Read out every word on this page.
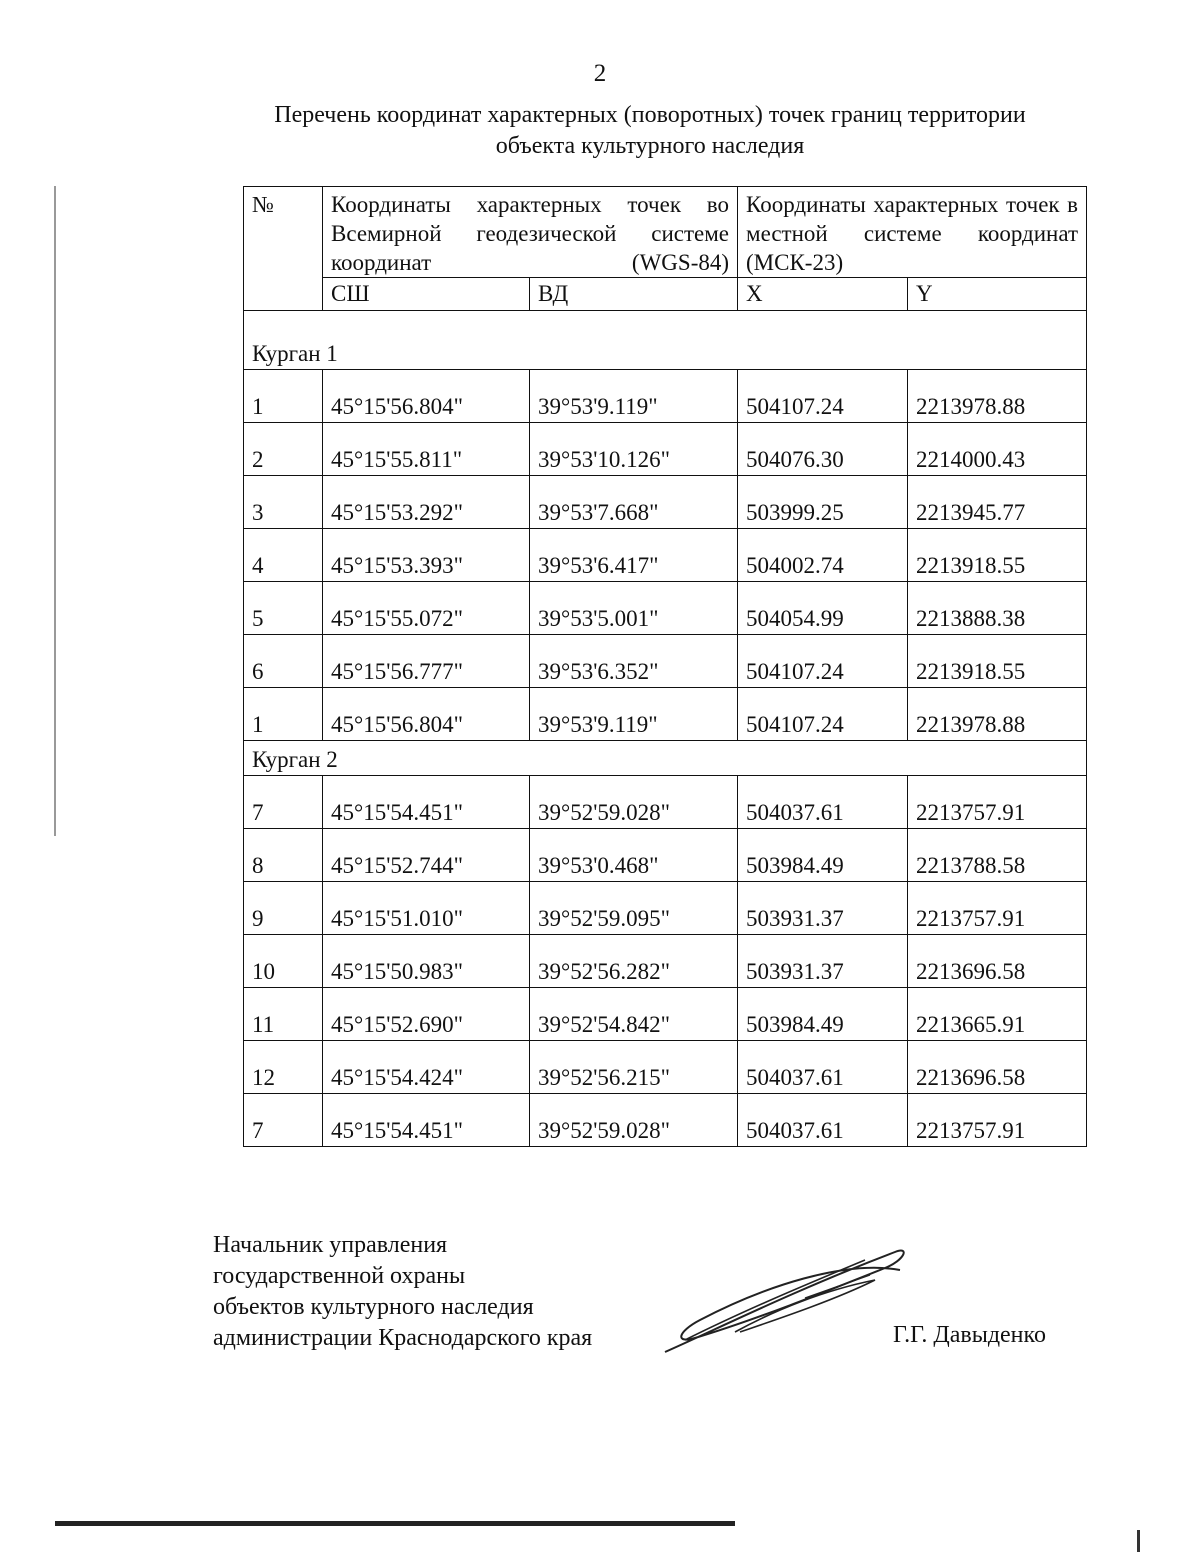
2
Перечень координат характерных (поворотных) точек границ территории
объекта культурного наследия
№	Координаты характерных точек во Всемирной геодезической системе координат (WGS-84)		Координаты характерных точек в местной системе координат (МСК-23)	
	СШ	ВД	X	Y
Курган 1				
1	45°15'56.804"	39°53'9.119"	504107.24	2213978.88
2	45°15'55.811"	39°53'10.126"	504076.30	2214000.43
3	45°15'53.292"	39°53'7.668"	503999.25	2213945.77
4	45°15'53.393"	39°53'6.417"	504002.74	2213918.55
5	45°15'55.072"	39°53'5.001"	504054.99	2213888.38
6	45°15'56.777"	39°53'6.352"	504107.24	2213918.55
1	45°15'56.804"	39°53'9.119"	504107.24	2213978.88
Курган 2				
7	45°15'54.451"	39°52'59.028"	504037.61	2213757.91
8	45°15'52.744"	39°53'0.468"	503984.49	2213788.58
9	45°15'51.010"	39°52'59.095"	503931.37	2213757.91
10	45°15'50.983"	39°52'56.282"	503931.37	2213696.58
11	45°15'52.690"	39°52'54.842"	503984.49	2213665.91
12	45°15'54.424"	39°52'56.215"	504037.61	2213696.58
7	45°15'54.451"	39°52'59.028"	504037.61	2213757.91
Начальник управления
государственной охраны
объектов культурного наследия
администрации Краснодарского края	Г.Г. Давыденко
